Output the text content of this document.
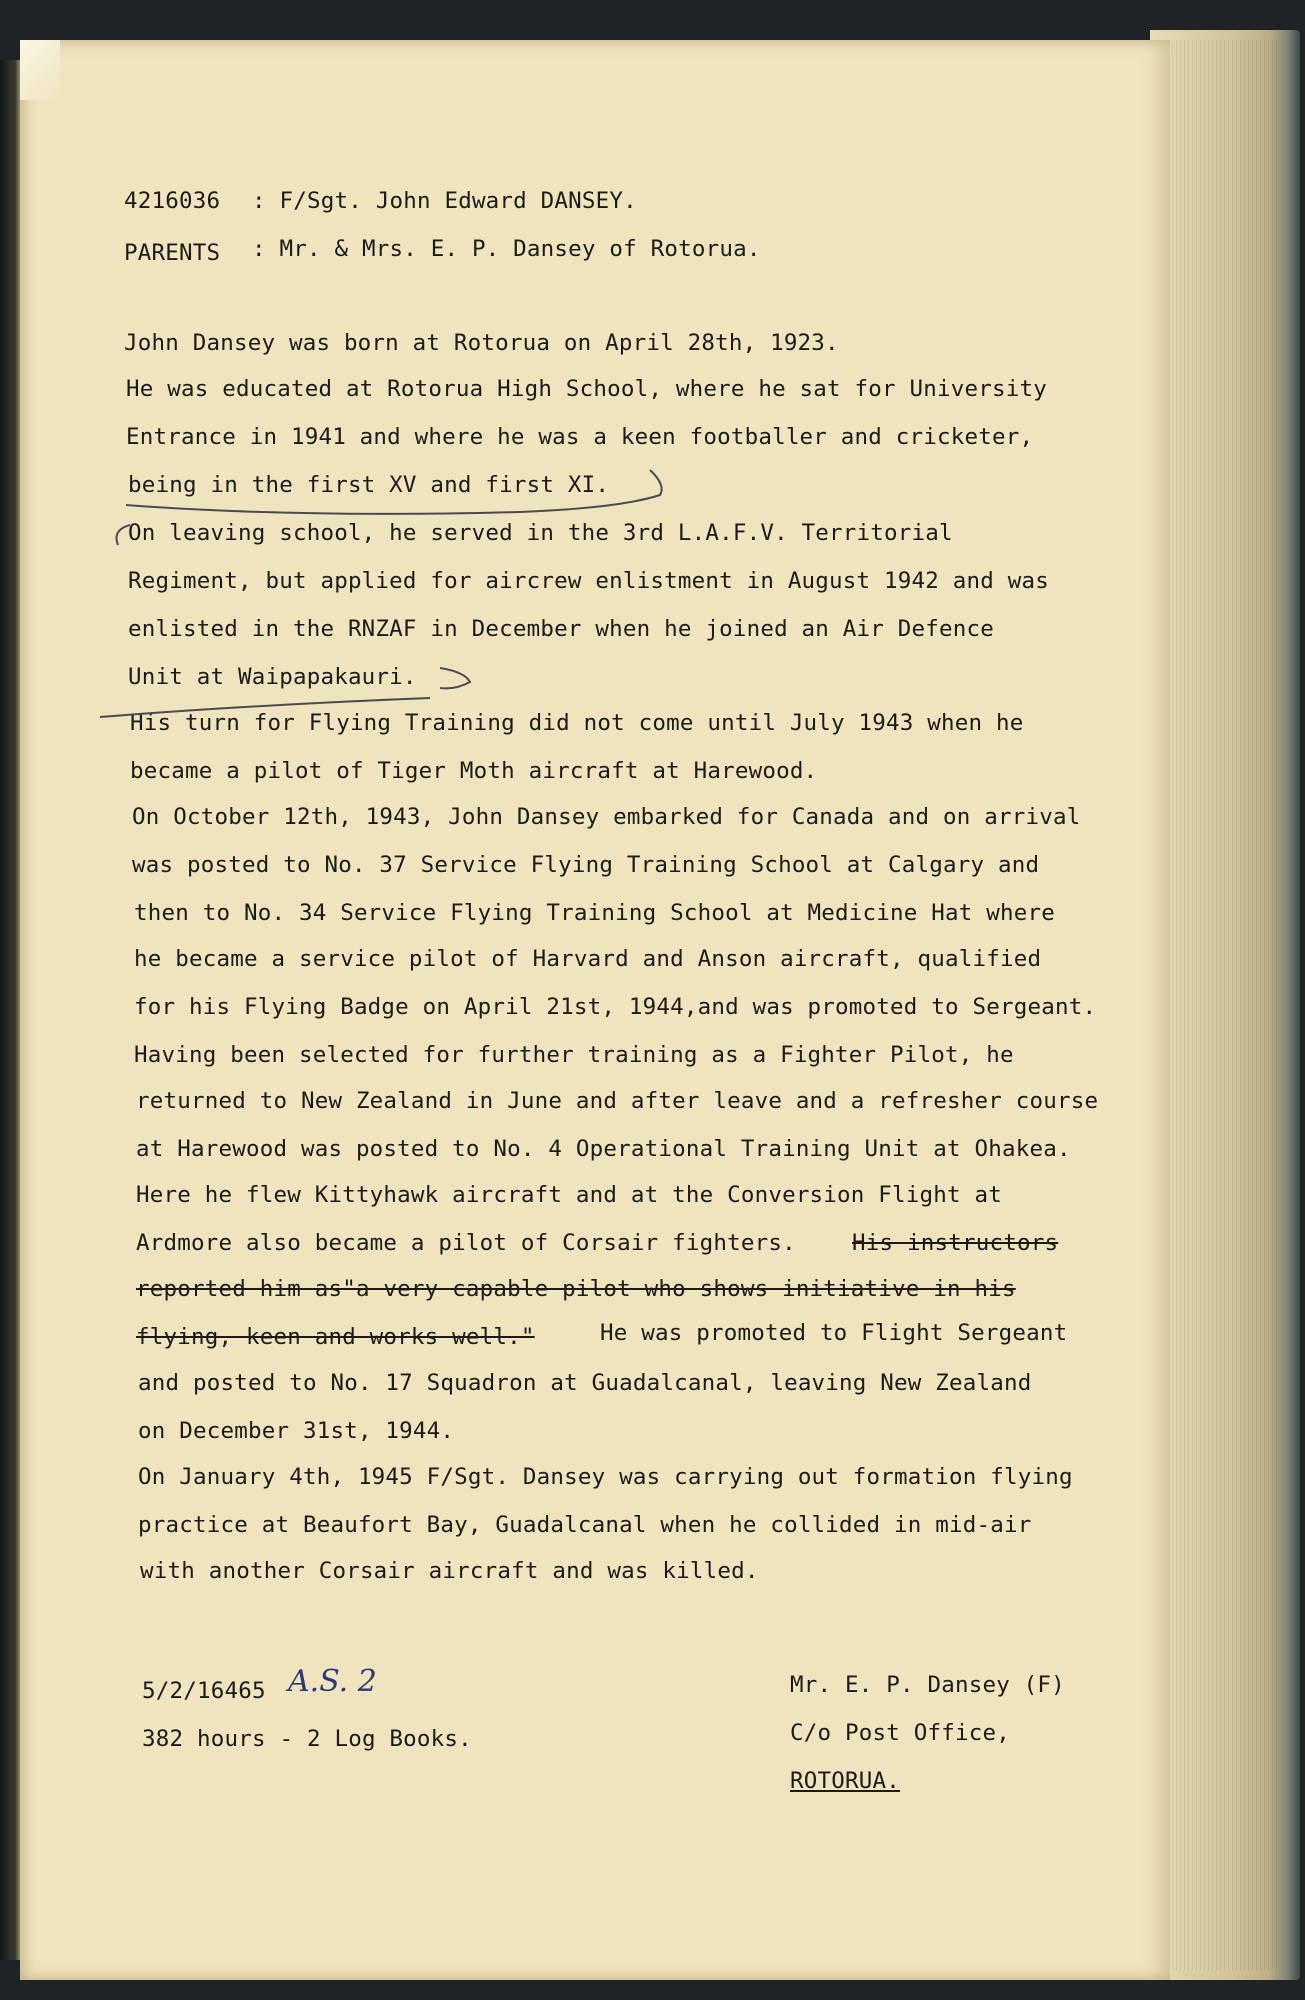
4216036 : F/Sgt. John Edward DANSEY.
PARENTS : Mr. & Mrs. E. P. Dansey of Rotorua.
John Dansey was born at Rotorua on April 28th, 1923.
He was educated at Rotorua High School, where he sat for University
Entrance in 1941 and where he was a keen footballer and cricketer,
being in the first XV and first XI.
On leaving school, he served in the 3rd L.A.F.V. Territorial
Regiment, but applied for aircrew enlistment in August 1942 and was
enlisted in the RNZAF in December when he joined an Air Defence
Unit at Waipapakauri.
His turn for Flying Training did not come until July 1943 when he
became a pilot of Tiger Moth aircraft at Harewood.
On October 12th, 1943, John Dansey embarked for Canada and on arrival
was posted to No. 37 Service Flying Training School at Calgary and
then to No. 34 Service Flying Training School at Medicine Hat where
he became a service pilot of Harvard and Anson aircraft, qualified
for his Flying Badge on April 21st, 1944,and was promoted to Sergeant.
Having been selected for further training as a Fighter Pilot, he
returned to New Zealand in June and after leave and a refresher course
at Harewood was posted to No. 4 Operational Training Unit at Ohakea.
Here he flew Kittyhawk aircraft and at the Conversion Flight at
Ardmore also became a pilot of Corsair fighters. His instructors
reported him as"a very capable pilot who shows initiative in his
flying, keen and works well."	He was promoted to Flight Sergeant
and posted to No. 17 Squadron at Guadalcanal, leaving New Zealand
on December 31st, 1944.
On January 4th, 1945 F/Sgt. Dansey was carrying out formation flying
practice at Beaufort Bay, Guadalcanal when he collided in mid-air
with another Corsair aircraft and was killed.
5/2/16465 A.S. 2
382 hours - 2 Log Books.
Mr. E. P. Dansey (F)
C/o Post Office,
ROTORUA.
